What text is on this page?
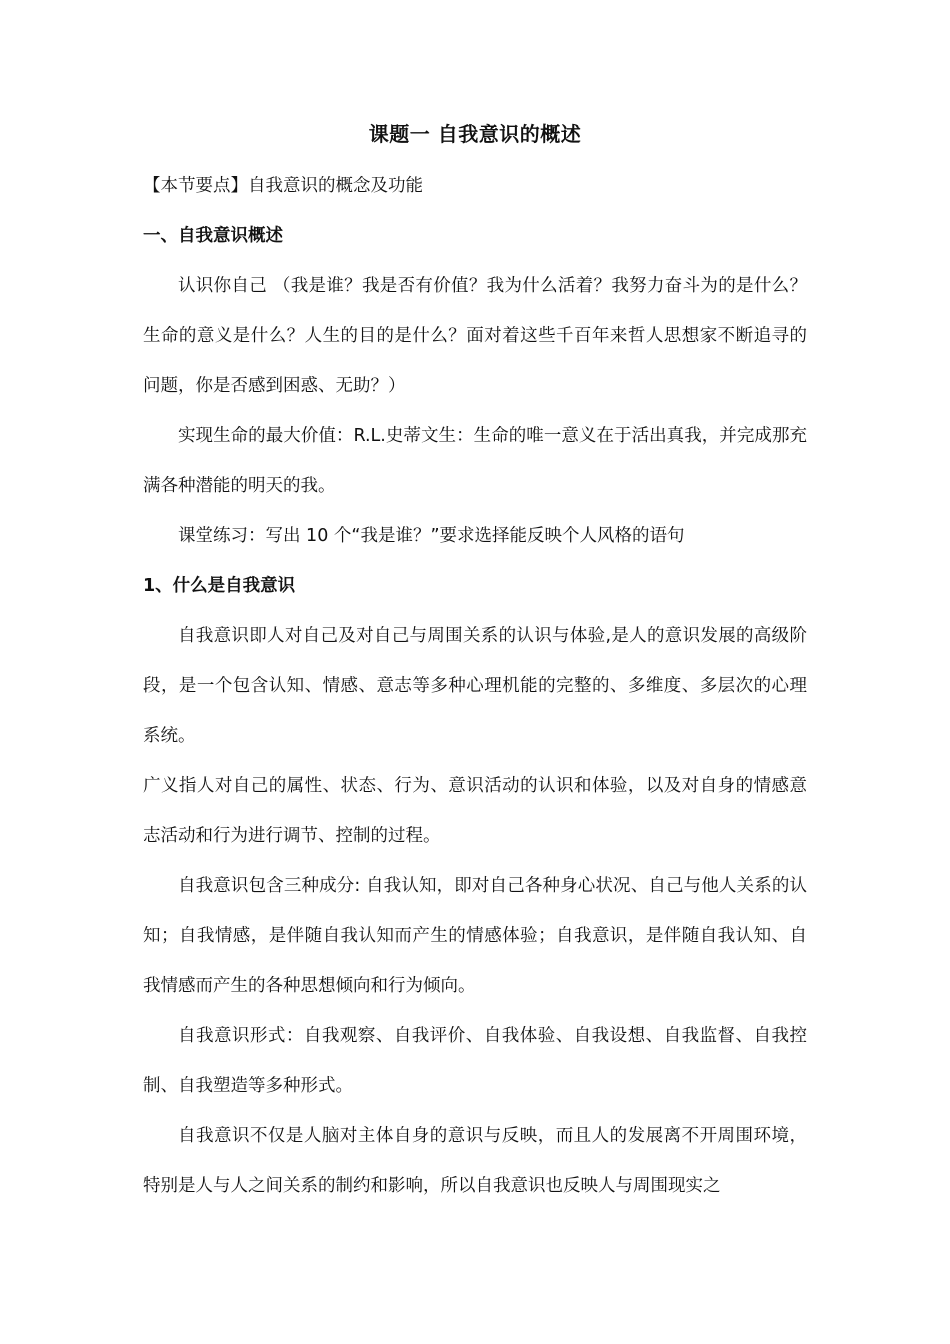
课题一 自我意识的概述

【本节要点】自我意识的概念及功能

一、自我意识概述

认识你自己 （我是谁？我是否有价值？我为什么活着？我努力奋斗为的是什么？生命的意义是什么？人生的目的是什么？面对着这些千百年来哲人思想家不断追寻的问题，你是否感到困惑、无助？）

实现生命的最大价值：R.L.史蒂文生：生命的唯一意义在于活出真我，并完成那充满各种潜能的明天的我。

课堂练习：写出 10 个“我是谁？”要求选择能反映个人风格的语句

1、什么是自我意识

自我意识即人对自己及对自己与周围关系的认识与体验,是人的意识发展的高级阶段，是一个包含认知、情感、意志等多种心理机能的完整的、多维度、多层次的心理系统。

广义指人对自己的属性、状态、行为、意识活动的认识和体验，以及对自身的情感意志活动和行为进行调节、控制的过程。

自我意识包含三种成分: 自我认知，即对自己各种身心状况、自己与他人关系的认知；自我情感，是伴随自我认知而产生的情感体验；自我意识，是伴随自我认知、自我情感而产生的各种思想倾向和行为倾向。

自我意识形式：自我观察、自我评价、自我体验、自我设想、自我监督、自我控制、自我塑造等多种形式。

自我意识不仅是人脑对主体自身的意识与反映，而且人的发展离不开周围环境，特别是人与人之间关系的制约和影响，所以自我意识也反映人与周围现实之
